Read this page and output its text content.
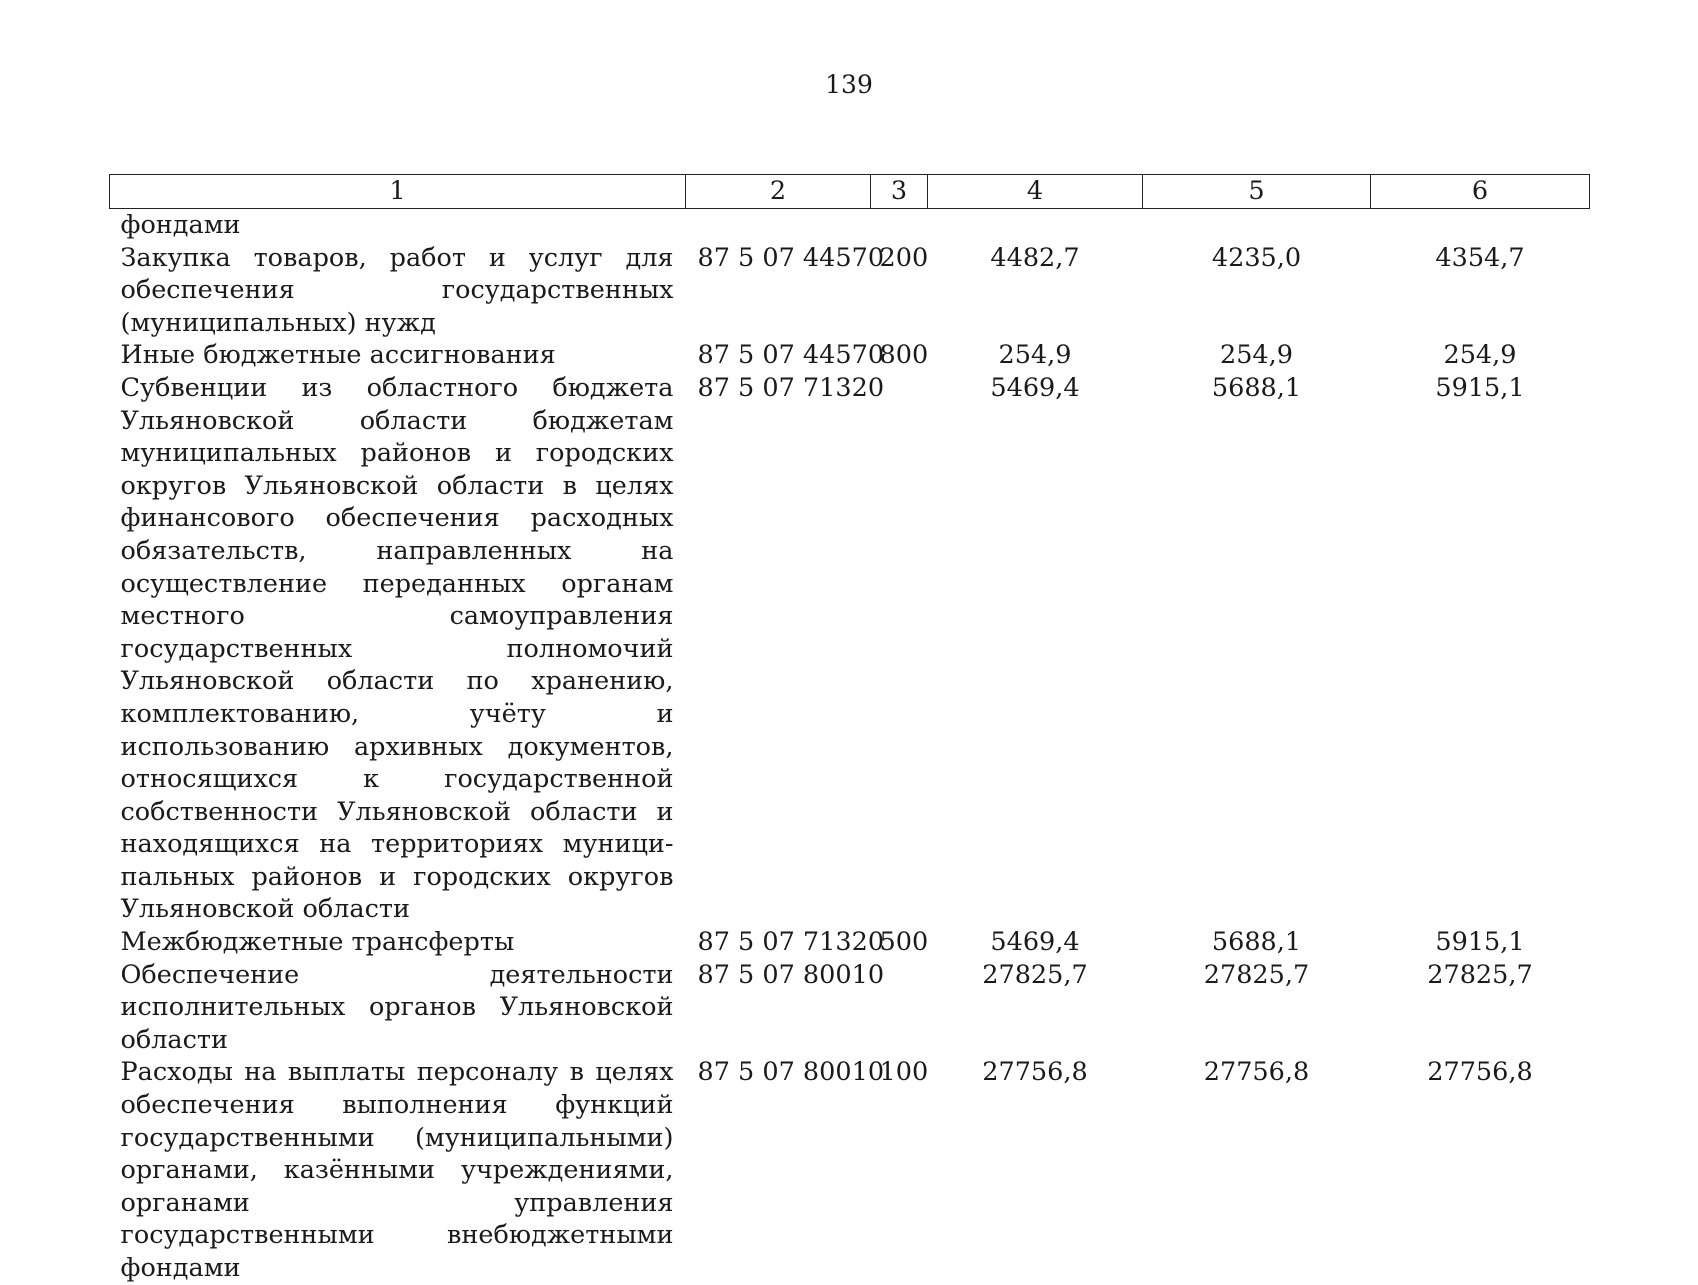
139
1	2	3	4	5	6
фондами					
Закупка товаров, работ и услуг для обеспечения государственных (муниципальных) нужд	87 5 07 44570	200	4482,7	4235,0	4354,7
Иные бюджетные ассигнования	87 5 07 44570	800	254,9	254,9	254,9
Субвенции из областного бюджета Ульяновской области бюджетам муниципальных районов и городских округов Ульяновской области в целях финансового обеспечения расходных обязательств, направленных на осуществление переданных органам местного самоуправления государственных полномочий Ульяновской области по хранению, комплектованию, учёту и использованию архивных документов, относящихся к государственной собственности Ульяновской области и находящихся на территориях муниципальных районов и городских округов Ульяновской области	87 5 07 71320		5469,4	5688,1	5915,1
Межбюджетные трансферты	87 5 07 71320	500	5469,4	5688,1	5915,1
Обеспечение деятельности исполнительных органов Ульяновской области	87 5 07 80010		27825,7	27825,7	27825,7
Расходы на выплаты персоналу в целях обеспечения выполнения функций государственными (муниципальными) органами, казёнными учреждениями, органами управления государственными внебюджетными фондами	87 5 07 80010	100	27756,8	27756,8	27756,8
